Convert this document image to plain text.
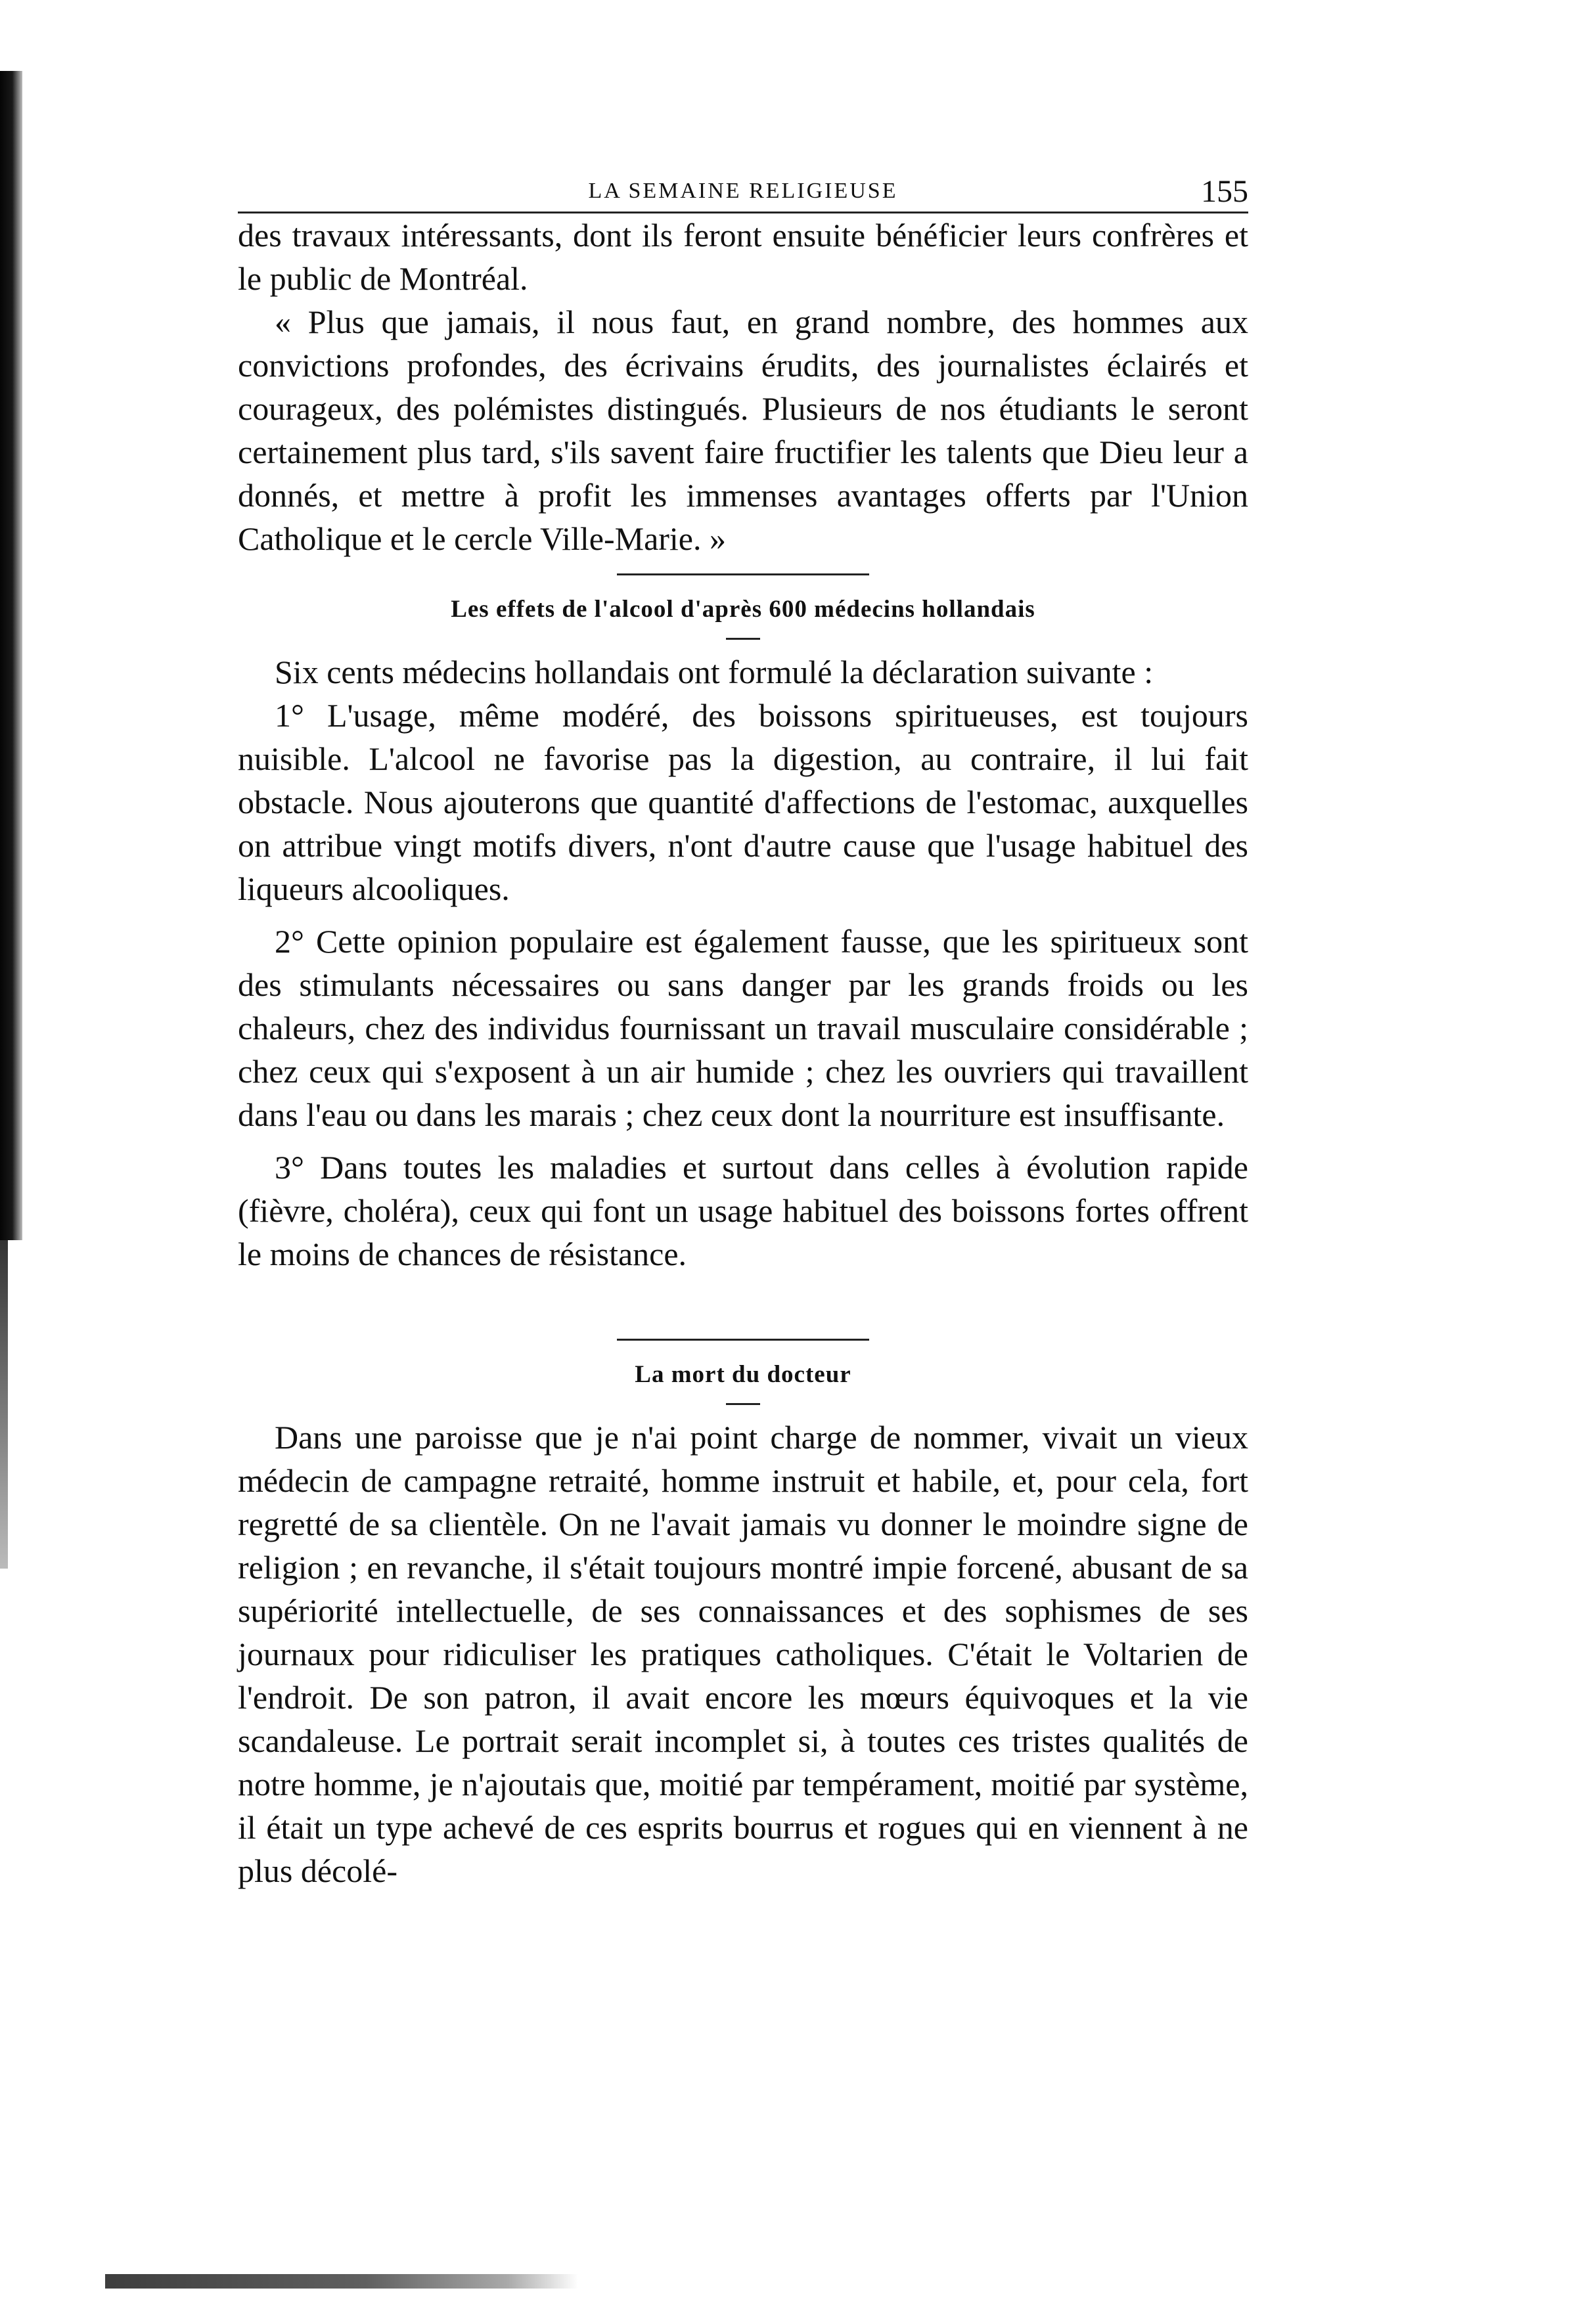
LA SEMAINE RELIGIEUSE	155

des travaux intéressants, dont ils feront ensuite bénéficier leurs confrères et le public de Montréal.

« Plus que jamais, il nous faut, en grand nombre, des hommes aux convictions profondes, des écrivains érudits, des journalistes éclairés et courageux, des polémistes distingués. Plusieurs de nos étudiants le seront certainement plus tard, s'ils savent faire fructifier les talents que Dieu leur a donnés, et mettre à profit les immenses avantages offerts par l'Union Catholique et le cercle Ville-Marie. »

Les effets de l'alcool d'après 600 médecins hollandais

Six cents médecins hollandais ont formulé la déclaration suivante :

1° L'usage, même modéré, des boissons spiritueuses, est toujours nuisible. L'alcool ne favorise pas la digestion, au contraire, il lui fait obstacle. Nous ajouterons que quantité d'affections de l'estomac, auxquelles on attribue vingt motifs divers, n'ont d'autre cause que l'usage habituel des liqueurs alcooliques.

2° Cette opinion populaire est également fausse, que les spiritueux sont des stimulants nécessaires ou sans danger par les grands froids ou les chaleurs, chez des individus fournissant un travail musculaire considérable ; chez ceux qui s'exposent à un air humide ; chez les ouvriers qui travaillent dans l'eau ou dans les marais ; chez ceux dont la nourriture est insuffisante.

3° Dans toutes les maladies et surtout dans celles à évolution rapide (fièvre, choléra), ceux qui font un usage habituel des boissons fortes offrent le moins de chances de résistance.

La mort du docteur

Dans une paroisse que je n'ai point charge de nommer, vivait un vieux médecin de campagne retraité, homme instruit et habile, et, pour cela, fort regretté de sa clientèle. On ne l'avait jamais vu donner le moindre signe de religion ; en revanche, il s'était toujours montré impie forcené, abusant de sa supériorité intellectuelle, de ses connaissances et des sophismes de ses journaux pour ridiculiser les pratiques catholiques. C'était le Voltarien de l'endroit. De son patron, il avait encore les mœurs équivoques et la vie scandaleuse. Le portrait serait incomplet si, à toutes ces tristes qualités de notre homme, je n'ajoutais que, moitié par tempérament, moitié par système, il était un type achevé de ces esprits bourrus et rogues qui en viennent à ne plus décolé-
